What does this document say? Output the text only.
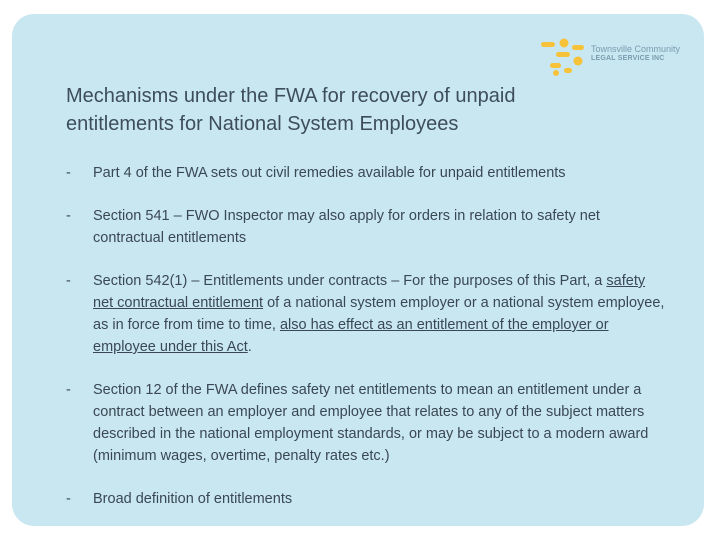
Townsville Community
LEGAL SERVICE INC
Mechanisms under the FWA for recovery of unpaid entitlements for National System Employees
- Part 4 of the FWA sets out civil remedies available for unpaid entitlements
- Section 541 – FWO Inspector may also apply for orders in relation to safety net contractual entitlements
- Section 542(1) – Entitlements under contracts – For the purposes of this Part, a safety net contractual entitlement of a national system employer or a national system employee, as in force from time to time, also has effect as an entitlement of the employer or employee under this Act.
- Section 12 of the FWA defines safety net entitlements to mean an entitlement under a contract between an employer and employee that relates to any of the subject matters described in the national employment standards, or may be subject to a modern award (minimum wages, overtime, penalty rates etc.)
- Broad definition of entitlements
